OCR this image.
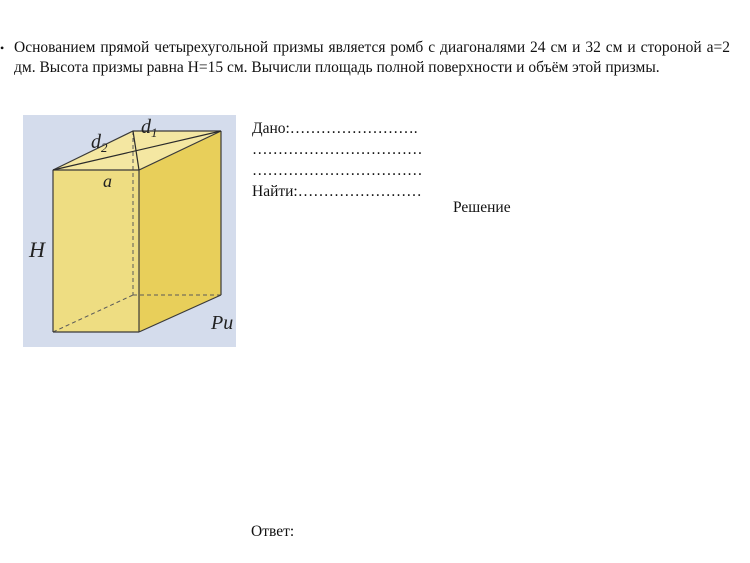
• Основанием прямой четырехугольной призмы является ромб с диагоналями 24 см и 32 см и стороной a=2 дм. Высота призмы равна H=15 см. Вычисли площадь полной поверхности и объём этой призмы.
$d_1$
$d_2$
a
H
Ри
Дано:…………………….
……………………………
……………………………
Найти:……………………
Решение
Ответ:
